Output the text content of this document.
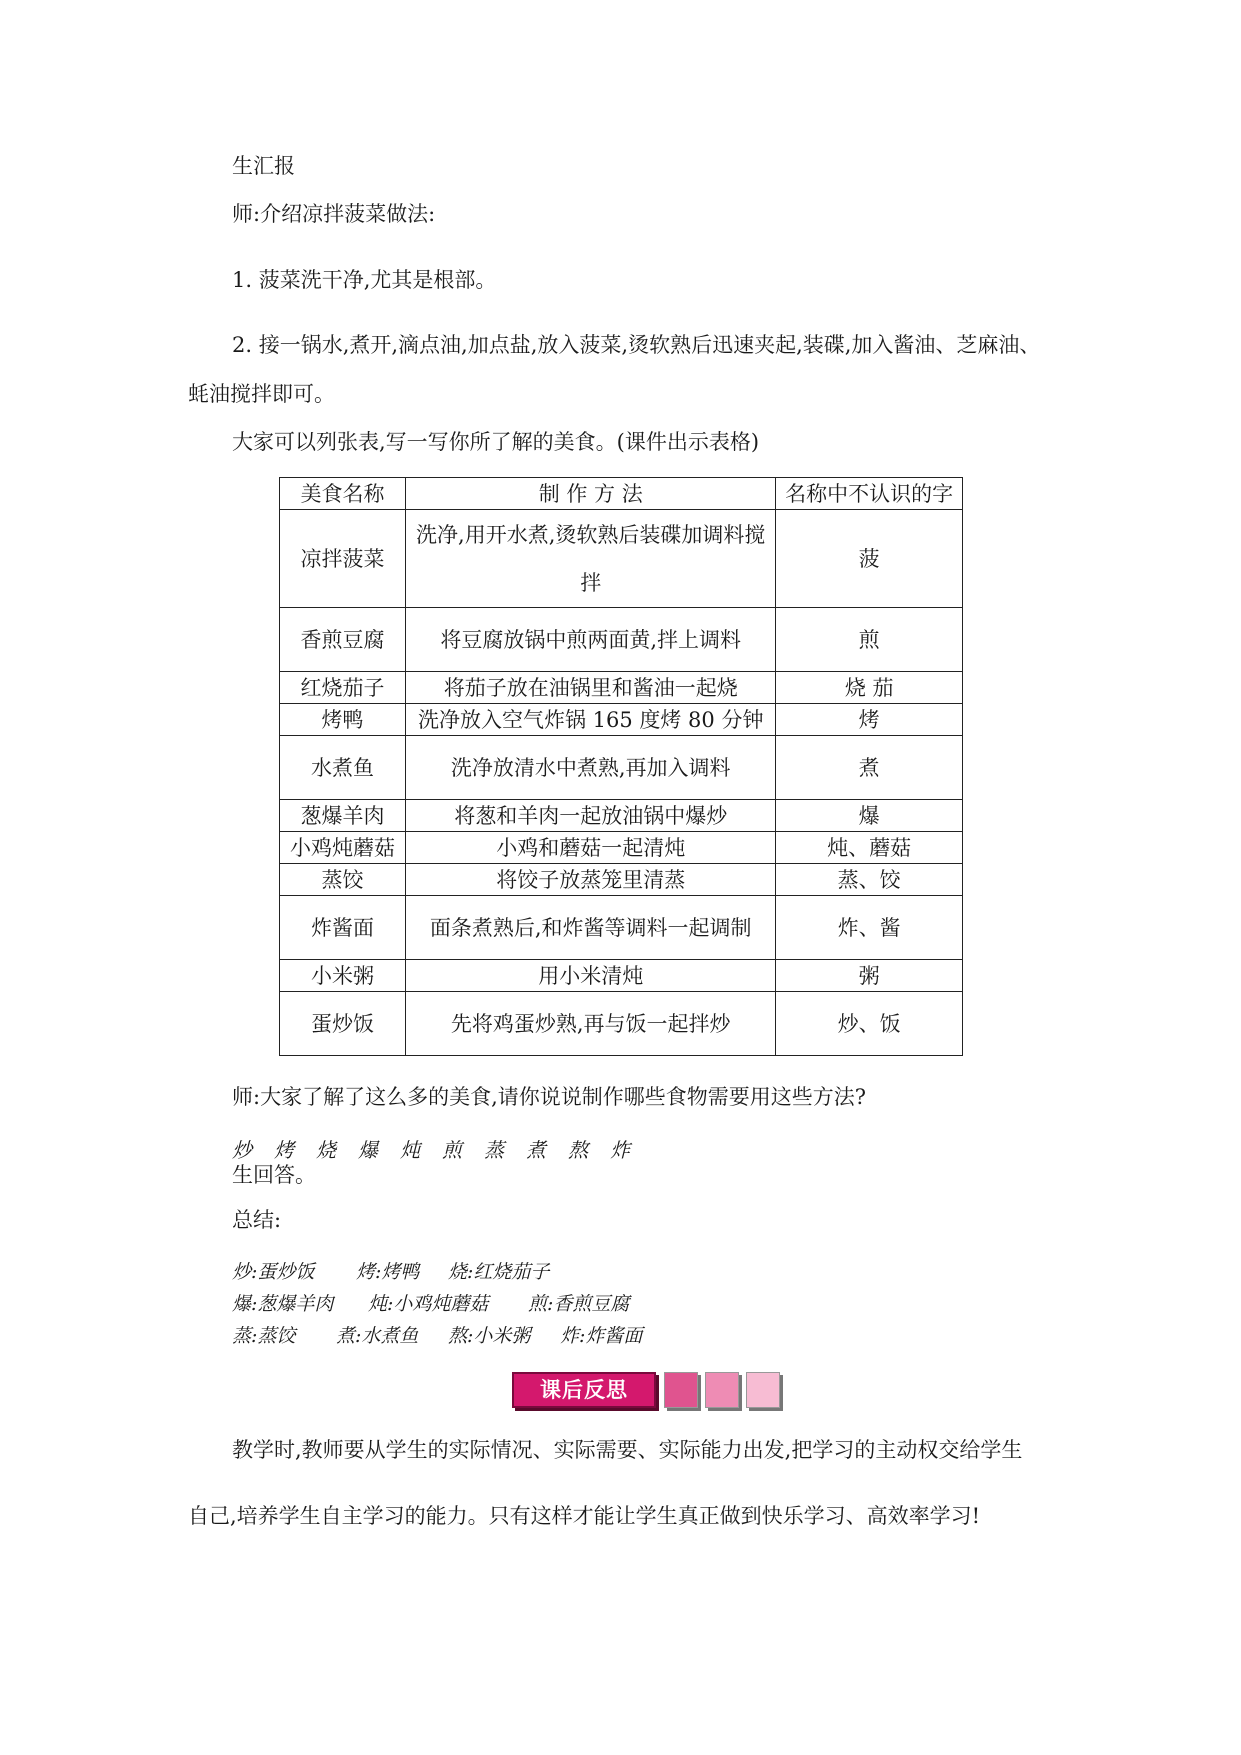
生汇报
师:介绍凉拌菠菜做法:
1. 菠菜洗干净,尤其是根部。
2. 接一锅水,煮开,滴点油,加点盐,放入菠菜,烫软熟后迅速夹起,装碟,加入酱油、芝麻油、
蚝油搅拌即可。
大家可以列张表,写一写你所了解的美食。(课件出示表格)
美食名称	制 作 方 法	名称中不认识的字
凉拌菠菜	洗净,用开水煮,烫软熟后装碟加调料搅拌	菠
香煎豆腐	将豆腐放锅中煎两面黄,拌上调料	煎
红烧茄子	将茄子放在油锅里和酱油一起烧	烧 茄
烤鸭	洗净放入空气炸锅 165 度烤 80 分钟	烤
水煮鱼	洗净放清水中煮熟,再加入调料	煮
葱爆羊肉	将葱和羊肉一起放油锅中爆炒	爆
小鸡炖蘑菇	小鸡和蘑菇一起清炖	炖、蘑菇
蒸饺	将饺子放蒸笼里清蒸	蒸、饺
炸酱面	面条煮熟后,和炸酱等调料一起调制	炸、酱
小米粥	用小米清炖	粥
蛋炒饭	先将鸡蛋炒熟,再与饭一起拌炒	炒、饭
师:大家了解了这么多的美食,请你说说制作哪些食物需要用这些方法?
炒 烤 烧 爆 炖 煎 蒸 煮 熬 炸
生回答。
总结:
炒:蛋炒饭 烤:烤鸭 烧:红烧茄子
爆:葱爆羊肉 炖:小鸡炖蘑菇 煎:香煎豆腐
蒸:蒸饺 煮:水煮鱼 熬:小米粥 炸:炸酱面
课后反思
教学时,教师要从学生的实际情况、实际需要、实际能力出发,把学习的主动权交给学生
自己,培养学生自主学习的能力。只有这样才能让学生真正做到快乐学习、高效率学习!
